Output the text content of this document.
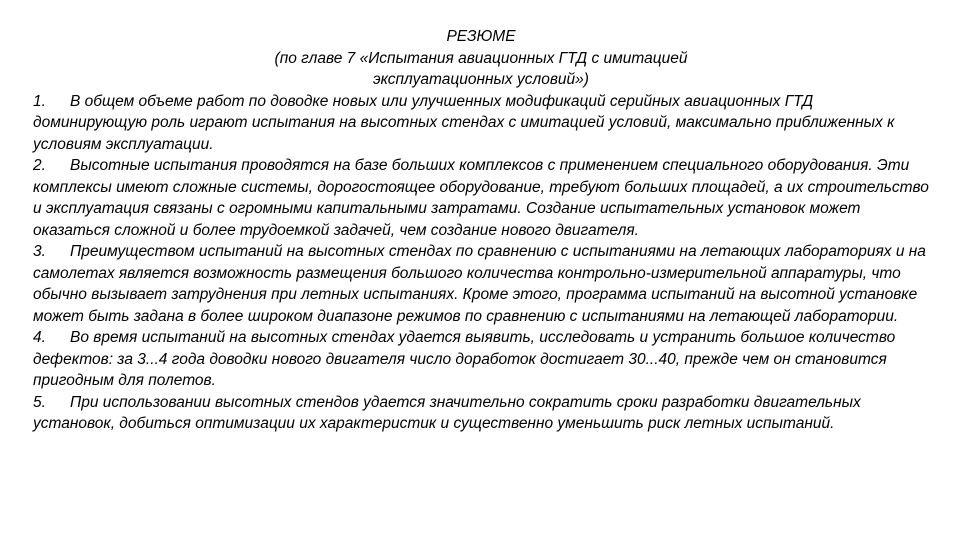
РЕЗЮМЕ
(по главе 7 «Испытания авиационных ГТД с имитацией
эксплуатационных условий»)

1. В общем объеме работ по доводке новых или улучшенных модификаций серийных авиационных ГТД доминирующую роль играют испытания на высотных стендах с имитацией условий, максимально приближенных к условиям эксплуатации.

2. Высотные испытания проводятся на базе больших комплексов с применением специального оборудования. Эти комплексы имеют сложные системы, дорогостоящее оборудование, требуют больших площадей, а их строительство и эксплуатация связаны с огромными капитальными затратами. Создание испытательных установок может оказаться сложной и более трудоемкой задачей, чем создание нового двигателя.

3. Преимуществом испытаний на высотных стендах по сравнению с испытаниями на летающих лабораториях и на самолетах является возможность размещения большого количества контрольно-измерительной аппаратуры, что обычно вызывает затруднения при летных испытаниях. Кроме этого, программа испытаний на высотной установке может быть задана в более широком диапазоне режимов по сравнению с испытаниями на летающей лаборатории.

4. Во время испытаний на высотных стендах удается выявить, исследовать и устранить большое количество дефектов: за 3...4 года доводки нового двигателя число доработок достигает 30...40, прежде чем он становится пригодным для полетов.

5. При использовании высотных стендов удается значительно сократить сроки разработки двигательных установок, добиться оптимизации их характеристик и существенно уменьшить риск летных испытаний.
